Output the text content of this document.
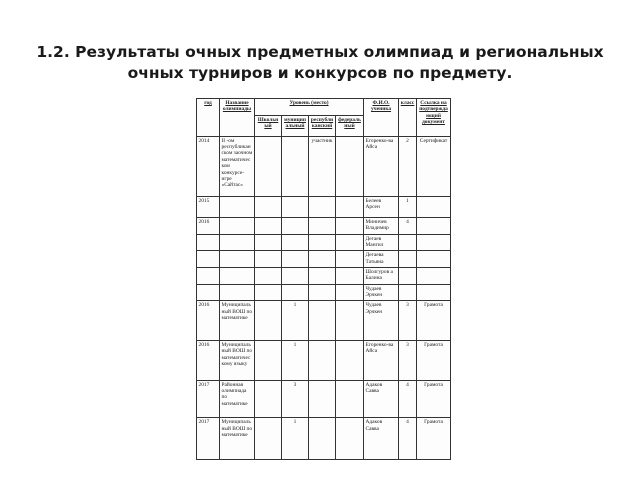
1.2. Результаты очных предметных олимпиад и региональных очных турниров и конкурсов по предмету.
год	Название олимпиады	Уровень (место)				Ф.И.О. ученика	класс	Ссылка на подтверждающий документ
		Школьный	муниципальный	республиканский	федеральный			
2014	II -ом республиканском заочном математическом конкурсе-игре «Сайтас»			участник		Егоренко-ва Айса	2	Сертификат
2015						Белеев Арсен	1	
2016						Миничев Владимир	4	
						Дегаев Мангил		
						Дегаева Татьяна		
						Шолгуров а Балина		
						Чудаев Эрчкен		
2016	Муниципальный ВОШ по математике		1			Чудаев Эрчкен	3	Грамота
2016	Муниципальный ВОШ по математическому языку		1			Егоренко-ва Айса	3	Грамота
2017	Районная олимпиада по математике		3			Адаков Савва	4	Грамота
2017	Муниципальный ВОШ по математике		1			Адаков Савва	4	Грамота
